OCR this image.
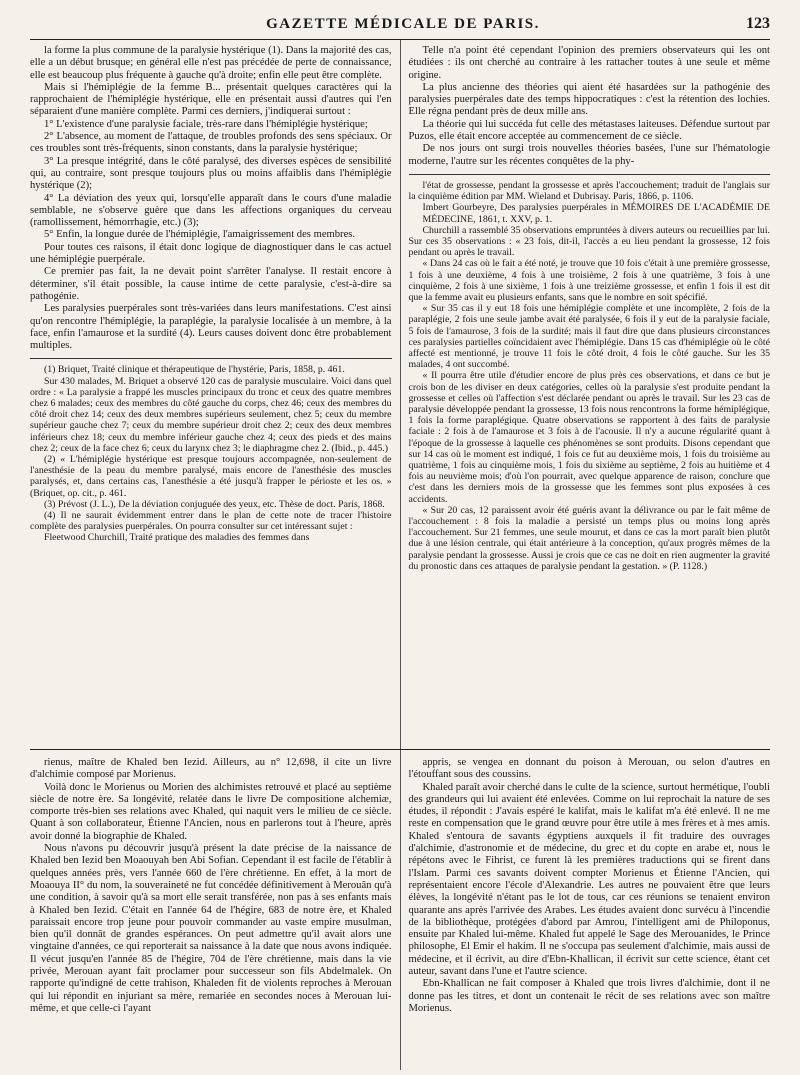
GAZETTE MÉDICALE DE PARIS.	123

la forme la plus commune de la paralysie hystérique (1). Dans la majorité des cas, elle a un début brusque; en général elle n'est pas précédée de perte de connaissance, elle est beaucoup plus fréquente à gauche qu'à droite; enfin elle peut être complète.

Mais si l'hémiplégie de la femme B... présentait quelques caractères qui la rapprochaient de l'hémiplégie hystérique, elle en présentait aussi d'autres qui l'en séparaient d'une manière complète. Parmi ces derniers, j'indiquerai surtout :

1° L'existence d'une paralysie faciale, très-rare dans l'hémiplégie hystérique;

2° L'absence, au moment de l'attaque, de troubles profonds des sens spéciaux. Or ces troubles sont très-fréquents, sinon constants, dans la paralysie hystérique;

3° La presque intégrité, dans le côté paralysé, des diverses espèces de sensibilité qui, au contraire, sont presque toujours plus ou moins affaiblis dans l'hémiplégie hystérique (2);

4° La déviation des yeux qui, lorsqu'elle apparaît dans le cours d'une maladie semblable, ne s'observe guère que dans les affections organiques du cerveau (ramollissement, hémorrhagie, etc.) (3);

5° Enfin, la longue durée de l'hémiplégie, l'amaigrissement des membres.

Pour toutes ces raisons, il était donc logique de diagnostiquer dans le cas actuel une hémiplégie puerpérale.

Ce premier pas fait, la ne devait point s'arrêter l'analyse. Il restait encore à déterminer, s'il était possible, la cause intime de cette paralysie, c'est-à-dire sa pathogénie.

Les paralysies puerpérales sont très-variées dans leurs manifestations. C'est ainsi qu'on rencontre l'hémiplégie, la paraplégie, la paralysie localisée à un membre, à la face, enfin l'amaurose et la surdité (4). Leurs causes doivent donc être probablement multiples.

(1) Briquet, Traité clinique et thérapeutique de l'hystérie, Paris, 1858, p. 461.

Sur 430 malades, M. Briquet a observé 120 cas de paralysie musculaire. Voici dans quel ordre : « La paralysie a frappé les muscles principaux du tronc et ceux des quatre membres chez 6 malades; ceux des membres du côté gauche du corps, chez 46; ceux des membres du côté droit chez 14; ceux des deux membres supérieurs seulement, chez 5; ceux du membre supérieur gauche chez 7; ceux du membre supérieur droit chez 2; ceux des deux membres inférieurs chez 18; ceux du membre inférieur gauche chez 4; ceux des pieds et des mains chez 2; ceux de la face chez 6; ceux du larynx chez 3; le diaphragme chez 2. (Ibid., p. 445.)

(2) « L'hémiplégie hystérique est presque toujours accompagnée, non-seulement de l'anesthésie de la peau du membre paralysé, mais encore de l'anesthésie des muscles paralysés, et, dans certains cas, l'anesthésie a été jusqu'à frapper le périoste et les os. » (Briquet, op. cit., p. 461.

(3) Prévost (J. L.), De la déviation conjuguée des yeux, etc. Thèse de doct. Paris, 1868.

(4) Il ne saurait évidemment entrer dans le plan de cette note de tracer l'histoire complète des paralysies puerpérales. On pourra consulter sur cet intéressant sujet :

Fleetwood Churchill, Traité pratique des maladies des femmes dans

Telle n'a point été cependant l'opinion des premiers observateurs qui les ont étudiées : ils ont cherché au contraire à les rattacher toutes à une seule et même origine.

La plus ancienne des théories qui aient été hasardées sur la pathogénie des paralysies puerpérales date des temps hippocratiques : c'est la rétention des lochies. Elle régna pendant près de deux mille ans.

La théorie qui lui succéda fut celle des métastases laiteuses. Défendue surtout par Puzos, elle était encore acceptée au commencement de ce siècle.

De nos jours ont surgi trois nouvelles théories basées, l'une sur l'hématologie moderne, l'autre sur les récentes conquêtes de la phy-

l'état de grossesse, pendant la grossesse et après l'accouchement; traduit de l'anglais sur la cinquième édition par MM. Wieland et Dubrisay. Paris, 1866, p. 1106.

Imbert Gourbeyre, Des paralysies puerpérales in MÉMOIRES DE L'ACADÉMIE DE MÉDECINE, 1861, t. XXV, p. 1.

Churchill a rassemblé 35 observations empruntées à divers auteurs ou recueillies par lui. Sur ces 35 observations : « 23 fois, dit-il, l'accès a eu lieu pendant la grossesse, 12 fois pendant ou après le travail.

« Dans 24 cas où le fait a été noté, je trouve que 10 fois c'était à une première grossesse, 1 fois à une deuxième, 4 fois à une troisième, 2 fois à une quatrième, 3 fois à une cinquième, 2 fois à une sixième, 1 fois à une treizième grossesse, et enfin 1 fois il est dit que la femme avait eu plusieurs enfants, sans que le nombre en soit spécifié.

« Sur 35 cas il y eut 18 fois une hémiplégie complète et une incomplète, 2 fois de la paraplégie, 2 fois une seule jambe avait été paralysée, 6 fois il y eut de la paralysie faciale, 5 fois de l'amaurose, 3 fois de la surdité; mais il faut dire que dans plusieurs circonstances ces paralysies partielles coïncidaient avec l'hémiplégie. Dans 15 cas d'hémiplégie où le côté affecté est mentionné, je trouve 11 fois le côté droit, 4 fois le côté gauche. Sur les 35 malades, 4 ont succombé.

« Il pourra être utile d'étudier encore de plus près ces observations, et dans ce but je crois bon de les diviser en deux catégories, celles où la paralysie s'est produite pendant la grossesse et celles où l'affection s'est déclarée pendant ou après le travail. Sur les 23 cas de paralysie développée pendant la grossesse, 13 fois nous rencontrons la forme hémiplégique, 1 fois la forme paraplégique. Quatre observations se rapportent à des faits de paralysie faciale : 2 fois à de l'amaurose et 3 fois à de l'acousie. Il n'y a aucune régularité quant à l'époque de la grossesse à laquelle ces phénomènes se sont produits. Disons cependant que sur 14 cas où le moment est indiqué, 1 fois ce fut au deuxième mois, 1 fois du troisième au quatrième, 1 fois au cinquième mois, 1 fois du sixième au septième, 2 fois au huitième et 4 fois au neuvième mois; d'où l'on pourrait, avec quelque apparence de raison, conclure que c'est dans les derniers mois de la grossesse que les femmes sont plus exposées à ces accidents.

« Sur 20 cas, 12 paraissent avoir été guéris avant la délivrance ou par le fait même de l'accouchement : 8 fois la maladie a persisté un temps plus ou moins long après l'accouchement. Sur 21 femmes, une seule mourut, et dans ce cas la mort paraît bien plutôt due à une lésion centrale, qui était antérieure à la conception, qu'aux progrès mêmes de la paralysie pendant la grossesse. Aussi je crois que ce cas ne doit en rien augmenter la gravité du pronostic dans ces attaques de paralysie pendant la gestation. » (P. 1128.)

rienus, maître de Khaled ben Iezid. Ailleurs, au n° 12,698, il cite un livre d'alchimie composé par Morienus.

Voilà donc le Morienus ou Morien des alchimistes retrouvé et placé au septième siècle de notre ère. Sa longévité, relatée dans le livre De compositione alchemiæ, comporte très-bien ses relations avec Khaled, qui naquit vers le milieu de ce siècle. Quant à son collaborateur, Étienne l'Ancien, nous en parlerons tout à l'heure, après avoir donné la biographie de Khaled.

Nous n'avons pu découvrir jusqu'à présent la date précise de la naissance de Khaled ben Iezid ben Moaouyah ben Abi Sofian. Cependant il est facile de l'établir à quelques années près, vers l'année 660 de l'ère chrétienne. En effet, à la mort de Moaouya II° du nom, la souveraineté ne fut concédée définitivement à Merouân qu'à une condition, à savoir qu'à sa mort elle serait transférée, non pas à ses enfants mais à Khaled ben Iezid. C'était en l'année 64 de l'hégire, 683 de notre ère, et Khaled paraissait encore trop jeune pour pouvoir commander au vaste empire musulman, bien qu'il donnât de grandes espérances. On peut admettre qu'il avait alors une vingtaine d'années, ce qui reporterait sa naissance à la date que nous avons indiquée. Il vécut jusqu'en l'année 85 de l'hégire, 704 de l'ère chrétienne, mais dans la vie privée, Merouan ayant fait proclamer pour successeur son fils Abdelmalek. On rapporte qu'indigné de cette trahison, Khaleden fit de violents reproches à Merouan qui lui répondit en injuriant sa mère, remariée en secondes noces à Merouan lui-même, et que celle-ci l'ayant

appris, se vengea en donnant du poison à Merouan, ou selon d'autres en l'étouffant sous des coussins.

Khaled paraît avoir cherché dans le culte de la science, surtout hermétique, l'oubli des grandeurs qui lui avaient été enlevées. Comme on lui reprochait la nature de ses études, il répondit : J'avais espéré le kalifat, mais le kalifat m'a été enlevé. Il ne me reste en compensation que le grand œuvre pour être utile à mes frères et à mes amis. Khaled s'entoura de savants égyptiens auxquels il fit traduire des ouvrages d'alchimie, d'astronomie et de médecine, du grec et du copte en arabe et, nous le répétons avec le Fihrist, ce furent là les premières traductions qui se firent dans l'Islam. Parmi ces savants doivent compter Morienus et Étienne l'Ancien, qui représentaient encore l'école d'Alexandrie. Les autres ne pouvaient être que leurs élèves, la longévité n'étant pas le lot de tous, car ces réunions se tenaient environ quarante ans après l'arrivée des Arabes. Les études avaient donc survécu à l'incendie de la bibliothèque, protégées d'abord par Amrou, l'intelligent ami de Philoponus, ensuite par Khaled lui-même. Khaled fut appelé le Sage des Merouanides, le Prince philosophe, El Emir el hakim. Il ne s'occupa pas seulement d'alchimie, mais aussi de médecine, et il écrivit, au dire d'Ebn-Khallican, il écrivit sur cette science, étant cet auteur, savant dans l'une et l'autre science.

Ebn-Khallican ne fait composer à Khaled que trois livres d'alchimie, dont il ne donne pas les titres, et dont un contenait le récit de ses relations avec son maître Morienus.
